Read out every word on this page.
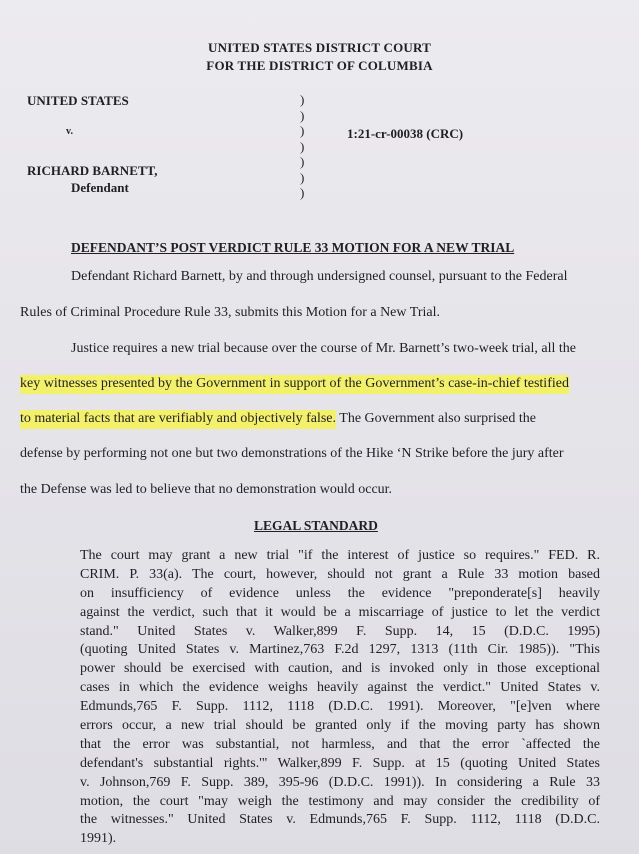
UNITED STATES DISTRICT COURT
FOR THE DISTRICT OF COLUMBIA
UNITED STATES
v.	1:21-cr-00038 (CRC)
RICHARD BARNETT,
Defendant
)
)
)
)
)
)
)
DEFENDANT’S POST VERDICT RULE 33 MOTION FOR A NEW TRIAL
Defendant Richard Barnett, by and through undersigned counsel, pursuant to the Federal
Rules of Criminal Procedure Rule 33, submits this Motion for a New Trial.
Justice requires a new trial because over the course of Mr. Barnett’s two-week trial, all the
key witnesses presented by the Government in support of the Government’s case-in-chief testified
to material facts that are verifiably and objectively false. The Government also surprised the
defense by performing not one but two demonstrations of the Hike ‘N Strike before the jury after
the Defense was led to believe that no demonstration would occur.
LEGAL STANDARD
The court may grant a new trial "if the interest of justice so requires." FED. R.
CRIM. P. 33(a). The court, however, should not grant a Rule 33 motion based
on insufficiency of evidence unless the evidence "preponderate[s] heavily
against the verdict, such that it would be a miscarriage of justice to let the verdict
stand." United States v. Walker,899 F. Supp. 14, 15 (D.D.C. 1995)
(quoting United States v. Martinez,763 F.2d 1297, 1313 (11th Cir. 1985)). "This
power should be exercised with caution, and is invoked only in those exceptional
cases in which the evidence weighs heavily against the verdict." United States v.
Edmunds,765 F. Supp. 1112, 1118 (D.D.C. 1991). Moreover, "[e]ven where
errors occur, a new trial should be granted only if the moving party has shown
that the error was substantial, not harmless, and that the error `affected the
defendant's substantial rights.'" Walker,899 F. Supp. at 15 (quoting United States
v. Johnson,769 F. Supp. 389, 395-96 (D.D.C. 1991)). In considering a Rule 33
motion, the court "may weigh the testimony and may consider the credibility of
the witnesses." United States v. Edmunds,765 F. Supp. 1112, 1118 (D.D.C.
1991).
